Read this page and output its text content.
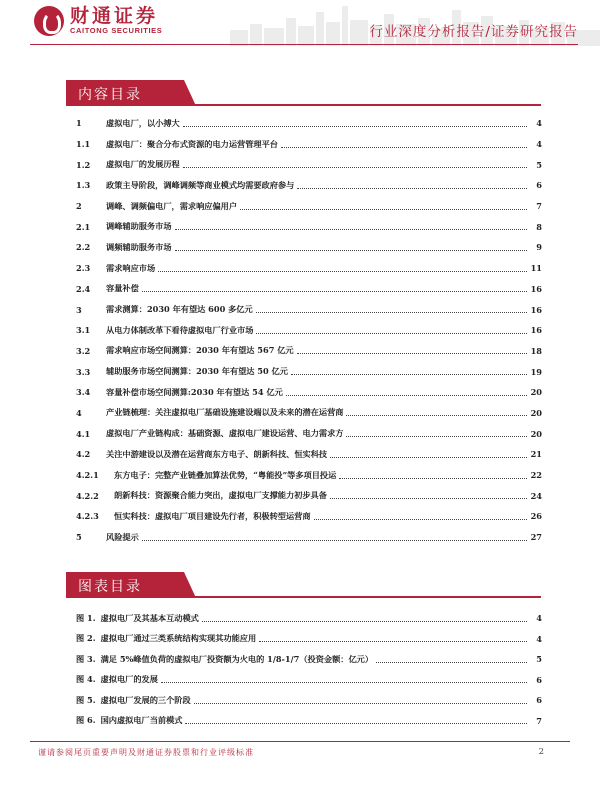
财通证券
CAITONG SECURITIES	行业深度分析报告/证券研究报告
内容目录
1	虚拟电厂，以小搏大	4
1.1	虚拟电厂：聚合分布式资源的电力运营管理平台	4
1.2	虚拟电厂的发展历程	5
1.3	政策主导阶段，调峰调频等商业模式均需要政府参与	6
2	调峰、调频偏电厂，需求响应偏用户	7
2.1	调峰辅助服务市场	8
2.2	调频辅助服务市场	9
2.3	需求响应市场	11
2.4	容量补偿	16
3	需求测算：2030 年有望达 600 多亿元	16
3.1	从电力体制改革下看待虚拟电厂行业市场	16
3.2	需求响应市场空间测算：2030 年有望达 567 亿元	18
3.3	辅助服务市场空间测算：2030 年有望达 50 亿元	19
3.4	容量补偿市场空间测算:2030 年有望达 54 亿元	20
4	产业链梳理：关注虚拟电厂基础设施建设端以及未来的潜在运营商	20
4.1	虚拟电厂产业链构成：基础资源、虚拟电厂建设运营、电力需求方	20
4.2	关注中游建设以及潜在运营商东方电子、朗新科技、恒实科技	21
4.2.1	东方电子：完整产业链叠加算法优势，“粤能投”等多项目投运	22
4.2.2	朗新科技：资源聚合能力突出，虚拟电厂支撑能力初步具备	24
4.2.3	恒实科技：虚拟电厂项目建设先行者，积极转型运营商	26
5	风险提示	27
图表目录
图 1. 虚拟电厂及其基本互动模式	4
图 2. 虚拟电厂通过三类系统结构实现其功能应用	4
图 3. 满足 5%峰值负荷的虚拟电厂投资额为火电的 1/8-1/7（投资金额：亿元）	5
图 4. 虚拟电厂的发展	6
图 5. 虚拟电厂发展的三个阶段	6
图 6. 国内虚拟电厂当前模式	7
谨请参阅尾页重要声明及财通证券股票和行业评级标准	2
